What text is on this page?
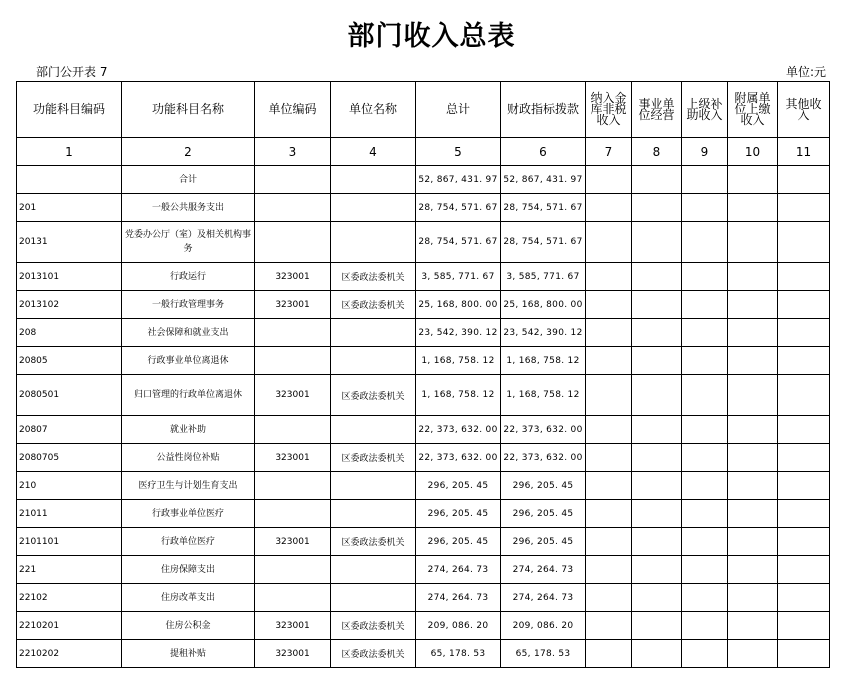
部门收入总表
部门公开表 7	单位:元
功能科目编码	功能科目名称	单位编码	单位名称	总计	财政指标拨款	纳入金库非税收入	事业单位经营	上级补助收入	附属单位上缴收入	其他收入
1	2	3	4	5	6	7	8	9	10	11
	合计			52, 867, 431. 97	52, 867, 431. 97					
201	一般公共服务支出			28, 754, 571. 67	28, 754, 571. 67					
20131	党委办公厅（室）及相关机构事务			28, 754, 571. 67	28, 754, 571. 67					
2013101	行政运行	323001	区委政法委机关	3, 585, 771. 67	3, 585, 771. 67					
2013102	一般行政管理事务	323001	区委政法委机关	25, 168, 800. 00	25, 168, 800. 00					
208	社会保障和就业支出			23, 542, 390. 12	23, 542, 390. 12					
20805	行政事业单位离退休			1, 168, 758. 12	1, 168, 758. 12					
2080501	归口管理的行政单位离退休	323001	区委政法委机关	1, 168, 758. 12	1, 168, 758. 12					
20807	就业补助			22, 373, 632. 00	22, 373, 632. 00					
2080705	公益性岗位补贴	323001	区委政法委机关	22, 373, 632. 00	22, 373, 632. 00					
210	医疗卫生与计划生育支出			296, 205. 45	296, 205. 45					
21011	行政事业单位医疗			296, 205. 45	296, 205. 45					
2101101	行政单位医疗	323001	区委政法委机关	296, 205. 45	296, 205. 45					
221	住房保障支出			274, 264. 73	274, 264. 73					
22102	住房改革支出			274, 264. 73	274, 264. 73					
2210201	住房公积金	323001	区委政法委机关	209, 086. 20	209, 086. 20					
2210202	提租补贴	323001	区委政法委机关	65, 178. 53	65, 178. 53					
